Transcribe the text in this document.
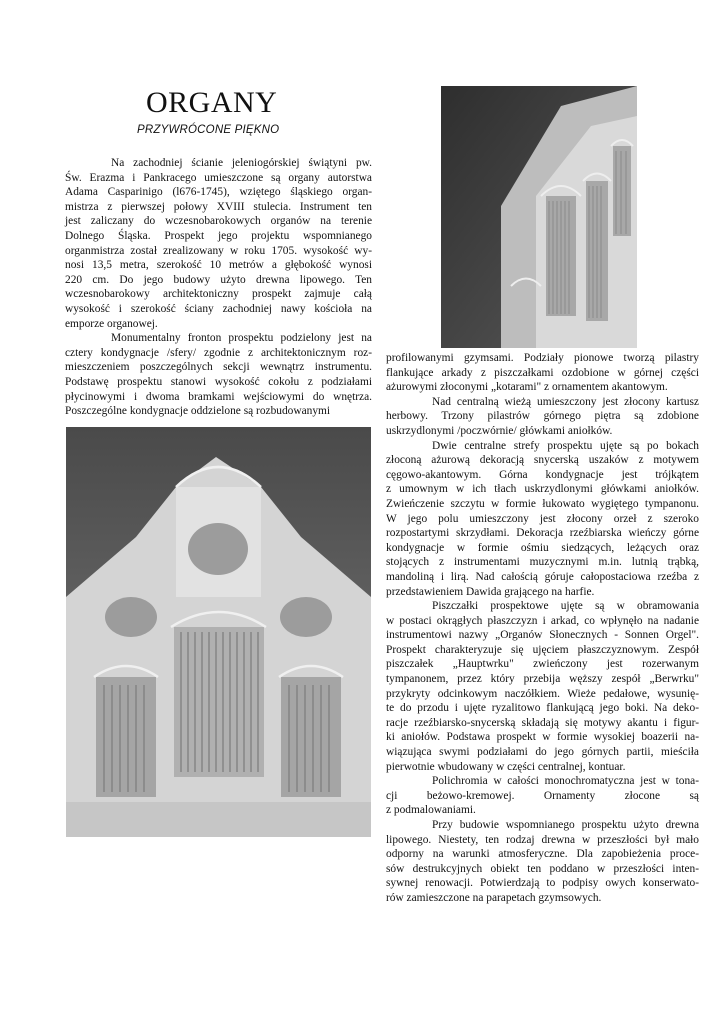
ORGANY
PRZYWRÓCONE PIĘKNO

Na zachodniej ścianie jeleniogórskiej świątyni pw.
Św. Erazma i Pankracego umieszczone są organy autorstwa
Adama Casparinigo (l676-1745), wziętego śląskiego organ-
mistrza z pierwszej połowy XVIII stulecia. Instrument ten
jest zaliczany do wczesnobarokowych organów na terenie
Dolnego Śląska. Prospekt jego projektu wspomnianego
organmistrza został zrealizowany w roku 1705. wysokość wy-
nosi 13,5 metra, szerokość 10 metrów a głębokość wynosi
220 cm. Do jego budowy użyto drewna lipowego. Ten
wczesnobarokowy architektoniczny prospekt zajmuje całą
wysokość i szerokość ściany zachodniej nawy kościoła na
emporze organowej.

Monumentalny fronton prospektu podzielony jest na
cztery kondygnacje /sfery/ zgodnie z architektonicznym roz-
mieszczeniem poszczególnych sekcji wewnątrz instrumentu.
Podstawę prospektu stanowi wysokość cokołu z podziałami
płycinowymi i dwoma bramkami wejściowymi do wnętrza.
Poszczególne kondygnacje oddzielone są rozbudowanymi

profilowanymi gzymsami. Podziały pionowe tworzą pilastry
flankujące arkady z piszczałkami ozdobione w górnej części
ażurowymi złoconymi „kotarami" z ornamentem akantowym.

Nad centralną wieżą umieszczony jest złocony kartusz
herbowy. Trzony pilastrów górnego piętra są zdobione
uskrzydlonymi /poczwórnie/ główkami aniołków.

Dwie centralne strefy prospektu ujęte są po bokach
złoconą ażurową dekoracją snycerską uszaków z motywem
cęgowo-akantowym. Górna kondygnacje jest trójkątem
z umownym w ich tłach uskrzydlonymi główkami aniołków.
Zwieńczenie szczytu w formie łukowato wygiętego tympanonu.
W jego polu umieszczony jest złocony orzeł z szeroko
rozpostartymi skrzydłami. Dekoracja rzeźbiarska wieńczy górne
kondygnacje w formie ośmiu siedzących, leżących oraz
stojących z instrumentami muzycznymi m.in. lutnią trąbką,
mandoliną i lirą. Nad całością góruje całopostaciowa rzeźba z
przedstawieniem Dawida grającego na harfie.

Piszczałki prospektowe ujęte są w obramowania
w postaci okrągłych płaszczyzn i arkad, co wpłynęło na nadanie
instrumentowi nazwy „Organów Słonecznych - Sonnen Orgel".
Prospekt charakteryzuje się ujęciem płaszczyznowym. Zespół
piszczałek „Hauptwrku" zwieńczony jest rozerwanym
tympanonem, przez który przebija węższy zespół „Berwrku"
przykryty odcinkowym naczółkiem. Wieże pedałowe, wysunię-
te do przodu i ujęte ryzalitowo flankującą jego boki. Na deko-
racje rzeźbiarsko-snycerską składają się motywy akantu i figur-
ki aniołów. Podstawa prospekt w formie wysokiej boazerii na-
wiązująca swymi podziałami do jego górnych partii, mieściła
pierwotnie wbudowany w części centralnej, kontuar.

Polichromia w całości monochromatyczna jest w tona-
cji beżowo-kremowej. Ornamenty złocone są
z podmalowaniami.

Przy budowie wspomnianego prospektu użyto drewna
lipowego. Niestety, ten rodzaj drewna w przeszłości był mało
odporny na warunki atmosferyczne. Dla zapobieżenia proce-
sów destrukcyjnych obiekt ten poddano w przeszłości inten-
sywnej renowacji. Potwierdzają to podpisy owych konserwato-
rów zamieszczone na parapetach gzymsowych.
